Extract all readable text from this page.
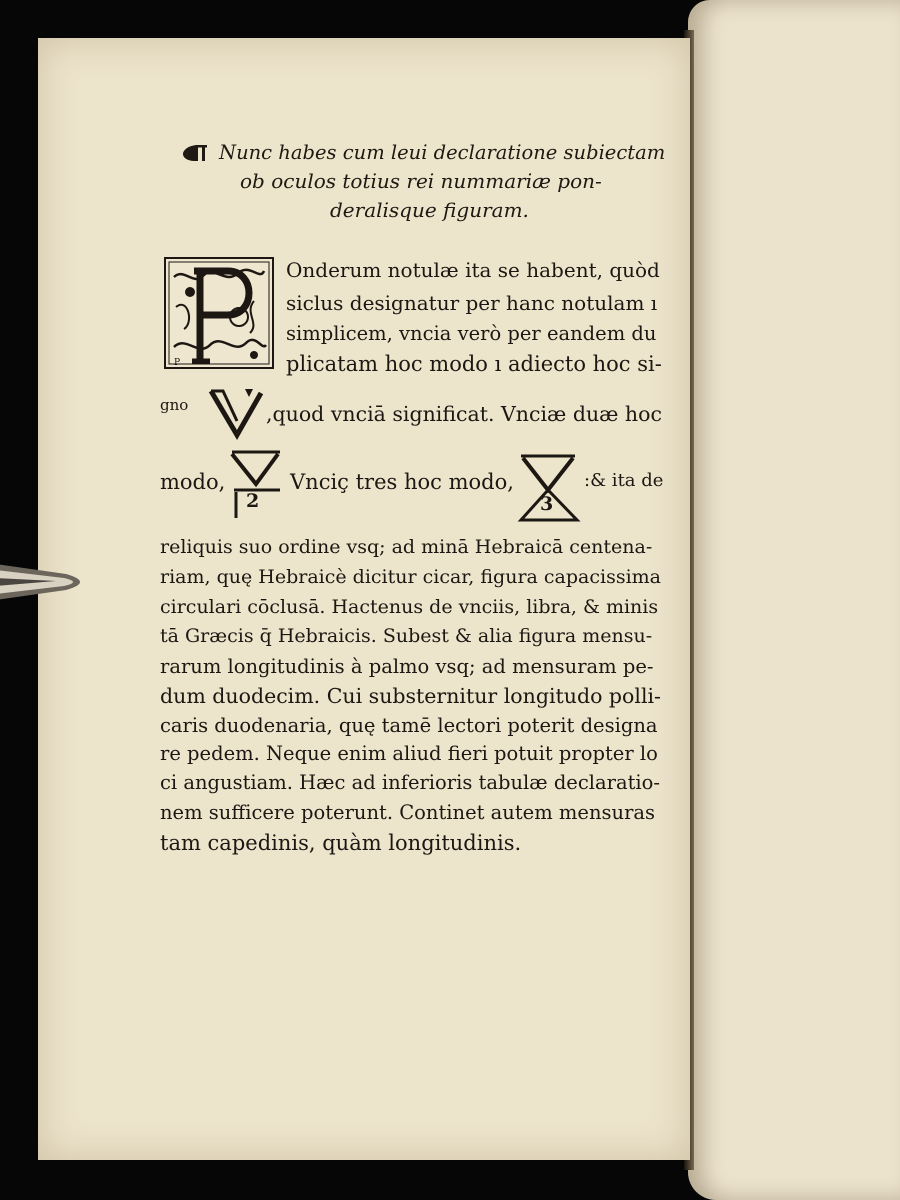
Nunc habes cum leui declaratione subiectam
ob oculos totius rei nummariæ pon-
deralisque figuram.
P
Onderum notulæ ita se habent, quòd
siclus designatur per hanc notulam ı
simplicem, vncia verò per eandem du
plicatam hoc modo ı adiecto hoc si-
gno	,quod vnciā significat. Vnciæ duæ hoc
modo,
2
Vnciç tres hoc modo,
3
:& ita de
reliquis suo ordine vsq; ad minā Hebraicā centena-
riam, quę Hebraicè dicitur cicar, figura capacissima
circulari cōclusā. Hactenus de vnciis, libra, & minis
tā Græcis q̄ Hebraicis. Subest & alia figura mensu-
rarum longitudinis à palmo vsq; ad mensuram pe-
dum duodecim. Cui substernitur longitudo polli-
caris duodenaria, quę tamē lectori poterit designa
re pedem. Neque enim aliud fieri potuit propter lo
ci angustiam. Hæc ad inferioris tabulæ declaratio-
nem sufficere poterunt. Continet autem mensuras
tam capedinis, quàm longitudinis.
